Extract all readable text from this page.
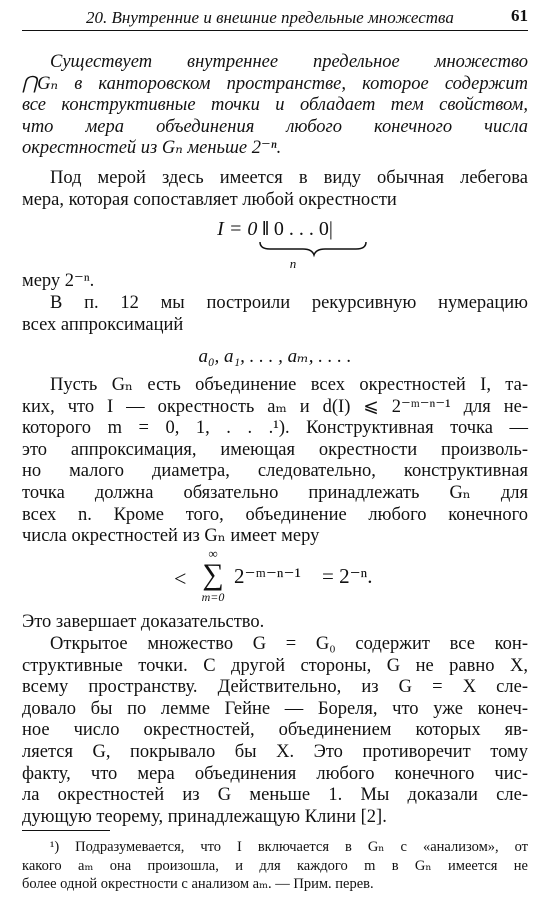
20. Внутренние и внешние предельные множества	61
Существует внутреннее предельное множество
⋂Gₙ в канторовском пространстве, которое содержит
все конструктивные точки и обладает тем свойством,
что мера объединения любого конечного числа
окрестностей из Gₙ меньше 2⁻ⁿ.
Под мерой здесь имеется в виду обычная лебегова
мера, которая сопоставляет любой окрестности
I = 0 ‖ 0 . . . 0|
n
меру 2⁻ⁿ.
В п. 12 мы построили рекурсивную нумерацию
всех аппроксимаций
a₀, a₁, . . . , aₘ, . . . .
Пусть Gₙ есть объединение всех окрестностей I, та-
ких, что I — окрестность aₘ и d(I) ⩽ 2⁻ᵐ⁻ⁿ⁻¹ для не-
которого m = 0, 1, . . .¹). Конструктивная точка —
это аппроксимация, имеющая окрестности произволь-
но малого диаметра, следовательно, конструктивная
точка должна обязательно принадлежать Gₙ для
всех n. Кроме того, объединение любого конечного
числа окрестностей из Gₙ имеет меру
<
∞
∑
m=0
2⁻ᵐ⁻ⁿ⁻¹ = 2⁻ⁿ.
Это завершает доказательство.
Открытое множество G = G₀ содержит все кон-
структивные точки. С другой стороны, G не равно X,
всему пространству. Действительно, из G = X сле-
довало бы по лемме Гейне — Бореля, что уже конеч-
ное число окрестностей, объединением которых яв-
ляется G, покрывало бы X. Это противоречит тому
факту, что мера объединения любого конечного чис-
ла окрестностей из G меньше 1. Мы доказали сле-
дующую теорему, принадлежащую Клини [2].
¹) Подразумевается, что I включается в Gₙ с «анализом», от
какого aₘ она произошла, и для каждого m в Gₙ имеется не
более одной окрестности с анализом aₘ. — Прим. перев.
